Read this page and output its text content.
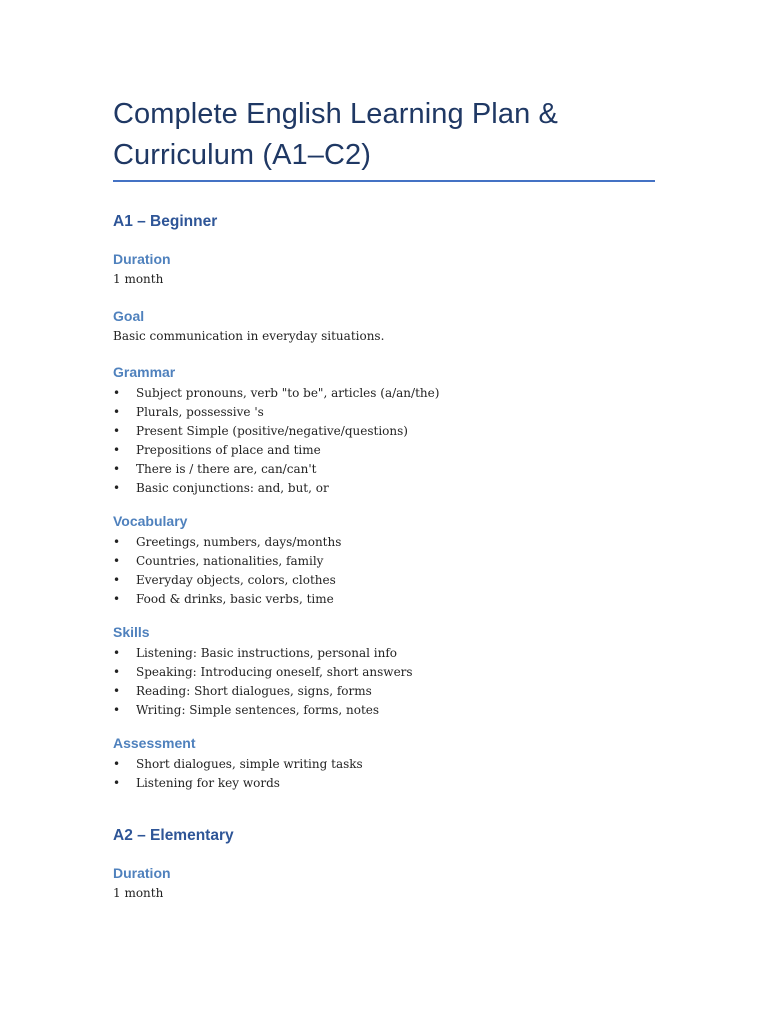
Complete English Learning Plan & Curriculum (A1–C2)
A1 – Beginner
Duration

1 month

Goal

Basic communication in everyday situations.

Grammar
• Subject pronouns, verb "to be", articles (a/an/the)
• Plurals, possessive 's
• Present Simple (positive/negative/questions)
• Prepositions of place and time
• There is / there are, can/can't
• Basic conjunctions: and, but, or
Vocabulary
• Greetings, numbers, days/months
• Countries, nationalities, family
• Everyday objects, colors, clothes
• Food & drinks, basic verbs, time
Skills
• Listening: Basic instructions, personal info
• Speaking: Introducing oneself, short answers
• Reading: Short dialogues, signs, forms
• Writing: Simple sentences, forms, notes
Assessment
• Short dialogues, simple writing tasks
• Listening for key words
A2 – Elementary
Duration

1 month
